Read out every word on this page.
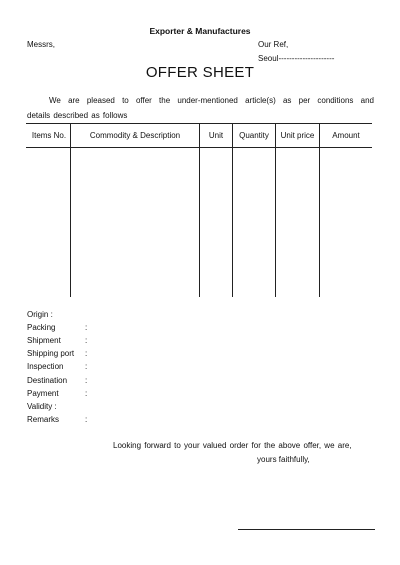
Exporter & Manufactures
Messrs,	Our Ref,
Seoul---------------------
OFFER SHEET
We are pleased to offer the under-mentioned article(s) as per conditions and
details described as follows
Items No.	Commodity & Description	Unit	Quantity	Unit price	Amount
Origin :
Packing	:
Shipment	:
Shipping port :
Inspection	:
Destination :
Payment	:
Validity :
Remarks	:
Looking forward to your valued order for the above offer, we are,
yours faithfully,
